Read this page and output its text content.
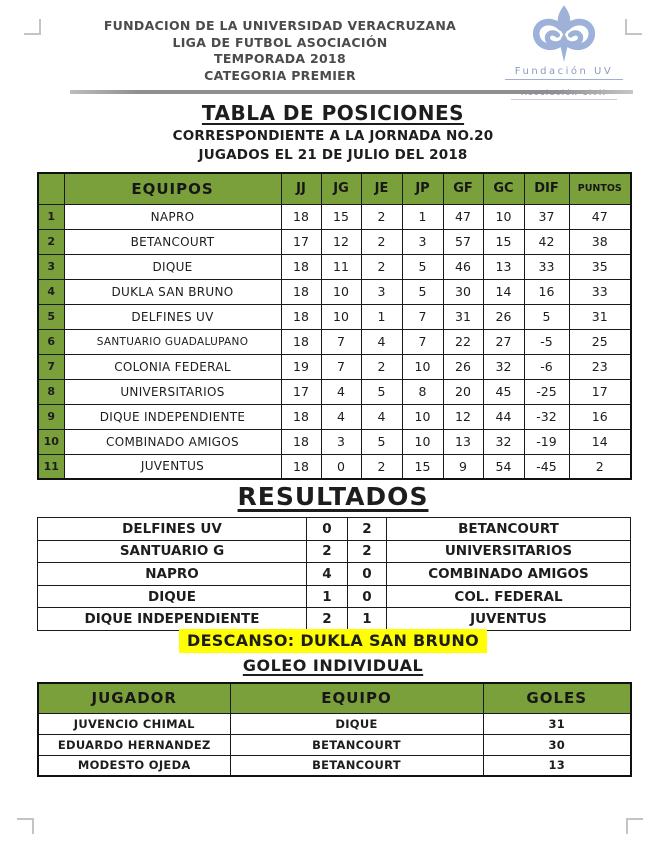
FUNDACION DE LA UNIVERSIDAD VERACRUZANA
LIGA DE FUTBOL ASOCIACIÓN
TEMPORADA 2018
CATEGORIA PREMIER	Fundación UV
TABLA DE POSICIONES
CORRESPONDIENTE A LA JORNADA NO.20
JUGADOS EL 21 DE JULIO DEL 2018
	EQUIPOS	JJ	JG	JE	JP	GF	GC	DIF	PUNTOS
1	NAPRO	18	15	2	1	47	10	37	47
2	BETANCOURT	17	12	2	3	57	15	42	38
3	DIQUE	18	11	2	5	46	13	33	35
4	DUKLA SAN BRUNO	18	10	3	5	30	14	16	33
5	DELFINES UV	18	10	1	7	31	26	5	31
6	SANTUARIO GUADALUPANO	18	7	4	7	22	27	-5	25
7	COLONIA FEDERAL	19	7	2	10	26	32	-6	23
8	UNIVERSITARIOS	17	4	5	8	20	45	-25	17
9	DIQUE INDEPENDIENTE	18	4	4	10	12	44	-32	16
10	COMBINADO AMIGOS	18	3	5	10	13	32	-19	14
11	JUVENTUS	18	0	2	15	9	54	-45	2
RESULTADOS
DELFINES UV	0	2	BETANCOURT
SANTUARIO G	2	2	UNIVERSITARIOS
NAPRO	4	0	COMBINADO AMIGOS
DIQUE	1	0	COL. FEDERAL
DIQUE INDEPENDIENTE	2	1	JUVENTUS
DESCANSO: DUKLA SAN BRUNO
GOLEO INDIVIDUAL
JUGADOR	EQUIPO	GOLES
JUVENCIO CHIMAL	DIQUE	31
EDUARDO HERNANDEZ	BETANCOURT	30
MODESTO OJEDA	BETANCOURT	13
